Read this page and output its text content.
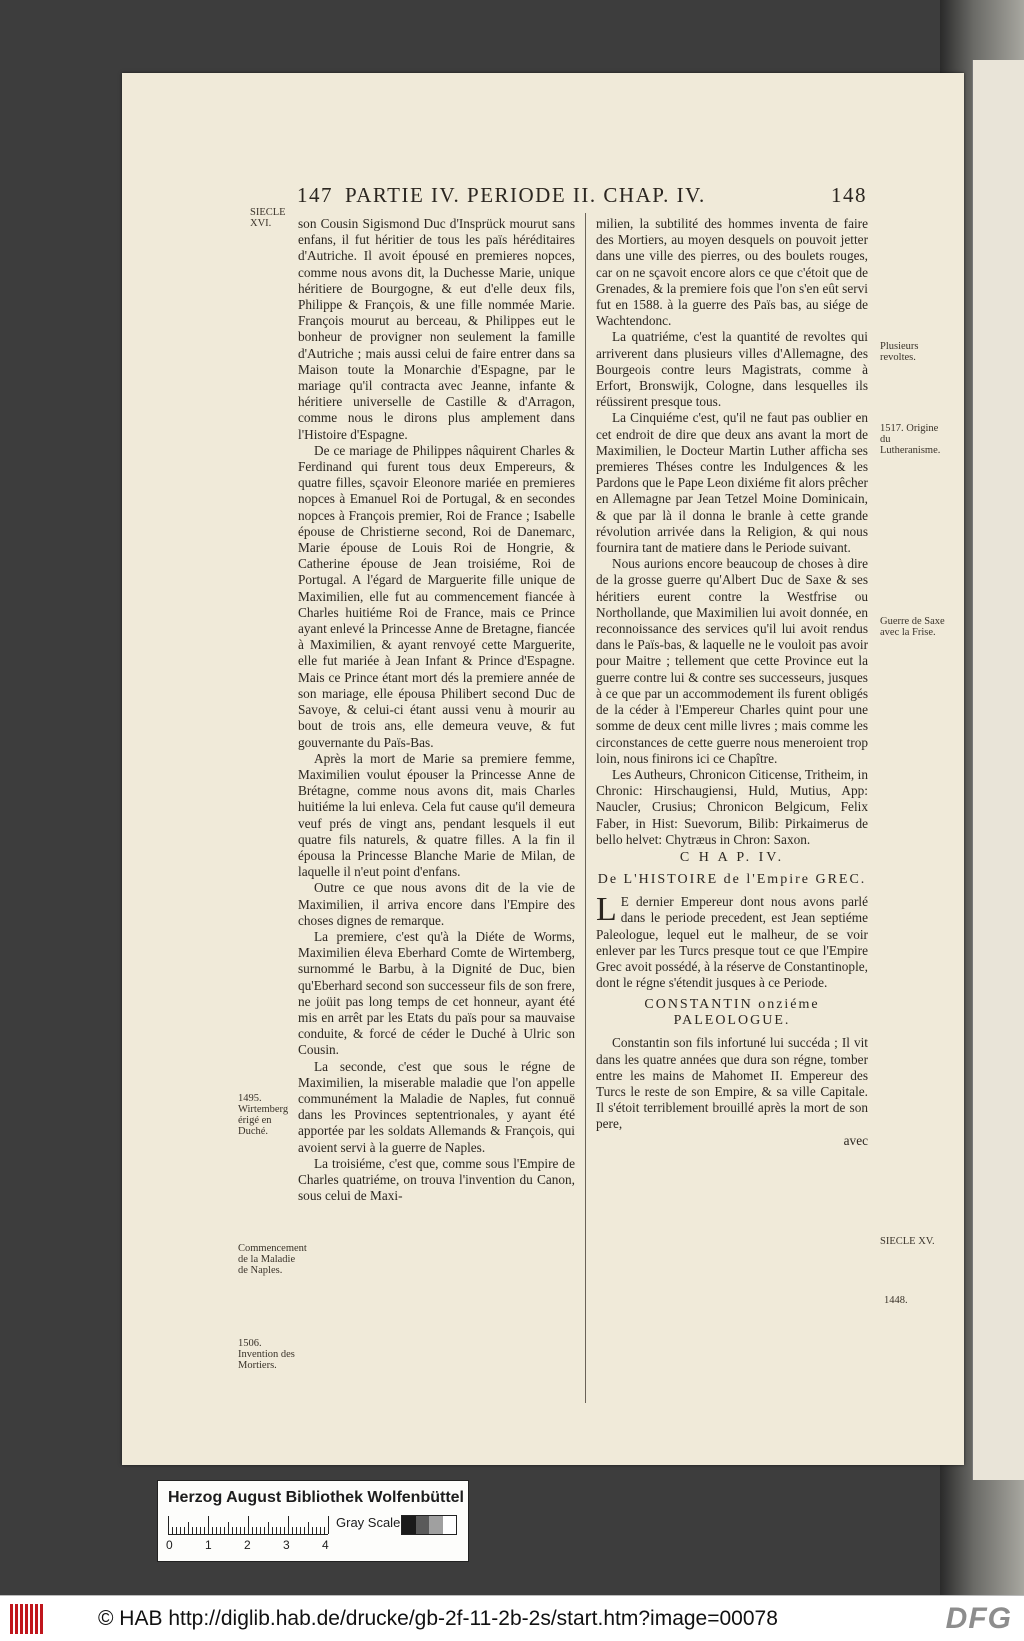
147 PARTIE IV. PERIODE II. CHAP. IV.	148

son Cousin Sigismond Duc d'Insprück mourut sans enfans, il fut héritier de tous les païs héréditaires d'Autriche. Il avoit épousé en premieres nopces, comme nous avons dit, la Duchesse Marie, unique héritiere de Bourgogne, & eut d'elle deux fils, Philippe & François, & une fille nommée Marie. François mourut au berceau, & Philippes eut le bonheur de provigner non seulement la famille d'Autriche ; mais aussi celui de faire entrer dans sa Maison toute la Monarchie d'Espagne, par le mariage qu'il contracta avec Jeanne, infante & héritiere universelle de Castille & d'Arragon, comme nous le dirons plus amplement dans l'Histoire d'Espagne.

De ce mariage de Philippes nâquirent Charles & Ferdinand qui furent tous deux Empereurs, & quatre filles, sçavoir Eleonore mariée en premieres nopces à Emanuel Roi de Portugal, & en secondes nopces à François premier, Roi de France ; Isabelle épouse de Christierne second, Roi de Danemarc, Marie épouse de Louis Roi de Hongrie, & Catherine épouse de Jean troisiéme, Roi de Portugal. A l'égard de Marguerite fille unique de Maximilien, elle fut au commencement fiancée à Charles huitiéme Roi de France, mais ce Prince ayant enlevé la Princesse Anne de Bretagne, fiancée à Maximilien, & ayant renvoyé cette Marguerite, elle fut mariée à Jean Infant & Prince d'Espagne. Mais ce Prince étant mort dés la premiere année de son mariage, elle épousa Philibert second Duc de Savoye, & celui-ci étant aussi venu à mourir au bout de trois ans, elle demeura veuve, & fut gouvernante du Païs-Bas.

Après la mort de Marie sa premiere femme, Maximilien voulut épouser la Princesse Anne de Brétagne, comme nous avons dit, mais Charles huitiéme la lui enleva. Cela fut cause qu'il demeura veuf prés de vingt ans, pendant lesquels il eut quatre fils naturels, & quatre filles. A la fin il épousa la Princesse Blanche Marie de Milan, de laquelle il n'eut point d'enfans.

Outre ce que nous avons dit de la vie de Maximilien, il arriva encore dans l'Empire des choses dignes de remarque.

La premiere, c'est qu'à la Diéte de Worms, Maximilien éleva Eberhard Comte de Wirtemberg, surnommé le Barbu, à la Dignité de Duc, bien qu'Eberhard second son successeur fils de son frere, ne joüit pas long temps de cet honneur, ayant été mis en arrêt par les Etats du païs pour sa mauvaise conduite, & forcé de céder le Duché à Ulric son Cousin.

La seconde, c'est que sous le régne de Maximilien, la miserable maladie que l'on appelle communément la Maladie de Naples, fut connuë dans les Provinces septentrionales, y ayant été apportée par les soldats Allemands & François, qui avoient servi à la guerre de Naples.

La troisiéme, c'est que, comme sous l'Empire de Charles quatriéme, on trouva l'invention du Canon, sous celui de Maxi-

milien, la subtilité des hommes inventa de faire des Mortiers, au moyen desquels on pouvoit jetter dans une ville des pierres, ou des boulets rouges, car on ne sçavoit encore alors ce que c'étoit que de Grenades, & la premiere fois que l'on s'en eût servi fut en 1588. à la guerre des Païs bas, au siége de Wachtendonc.

La quatriéme, c'est la quantité de revoltes qui arriverent dans plusieurs villes d'Allemagne, des Bourgeois contre leurs Magistrats, comme à Erfort, Bronswijk, Cologne, dans lesquelles ils réüssirent presque tous.

La Cinquiéme c'est, qu'il ne faut pas oublier en cet endroit de dire que deux ans avant la mort de Maximilien, le Docteur Martin Luther afficha ses premieres Théses contre les Indulgences & les Pardons que le Pape Leon dixiéme fit alors prêcher en Allemagne par Jean Tetzel Moine Dominicain, & que par là il donna le branle à cette grande révolution arrivée dans la Religion, & qui nous fournira tant de matiere dans le Periode suivant.

Nous aurions encore beaucoup de choses à dire de la grosse guerre qu'Albert Duc de Saxe & ses héritiers eurent contre la Westfrise ou Northollande, que Maximilien lui avoit donnée, en reconnoissance des services qu'il lui avoit rendus dans le Païs-bas, & laquelle ne le vouloit pas avoir pour Maitre ; tellement que cette Province eut la guerre contre lui & contre ses successeurs, jusques à ce que par un accommodement ils furent obligés de la céder à l'Empereur Charles quint pour une somme de deux cent mille livres ; mais comme les circonstances de cette guerre nous meneroient trop loin, nous finirons ici ce Chapître.

Les Autheurs, Chronicon Citicense, Tritheim, in Chronic: Hirschaugiensi, Huld, Mutius, App: Naucler, Crusius; Chronicon Belgicum, Felix Faber, in Hist: Suevorum, Bilib: Pirkaimerus de bello helvet: Chytræus in Chron: Saxon.

C H A P. IV.
De L'HISTOIRE de l'Empire GREC.

L E dernier Empereur dont nous avons parlé dans le periode precedent, est Jean septiéme Paleologue, lequel eut le malheur, de se voir enlever par les Turcs presque tout ce que l'Empire Grec avoit possédé, à la réserve de Constantinople, dont le régne s'étendit jusques à ce Periode.

CONSTANTIN onziéme PALEOLOGUE.

Constantin son fils infortuné lui succéda ; Il vit dans les quatre années que dura son régne, tomber entre les mains de Mahomet II. Empereur des Turcs le reste de son Empire, & sa ville Capitale. Il s'étoit terriblement brouillé après la mort de son pere,

avec

SIECLE XVI.
1495. Wirtemberg érigé en Duché.
Commencement de la Maladie de Naples.
1506. Invention des Mortiers.
Plusieurs revoltes.
1517. Origine du Lutheranisme.
Guerre de Saxe avec la Frise.
SIECLE XV.
1448.
Herzog August Bibliothek Wolfenbüttel
0	1	2	3	4
Gray Scale
© HAB http://diglib.hab.de/drucke/gb-2f-11-2b-2s/start.htm?image=00078	DFG
